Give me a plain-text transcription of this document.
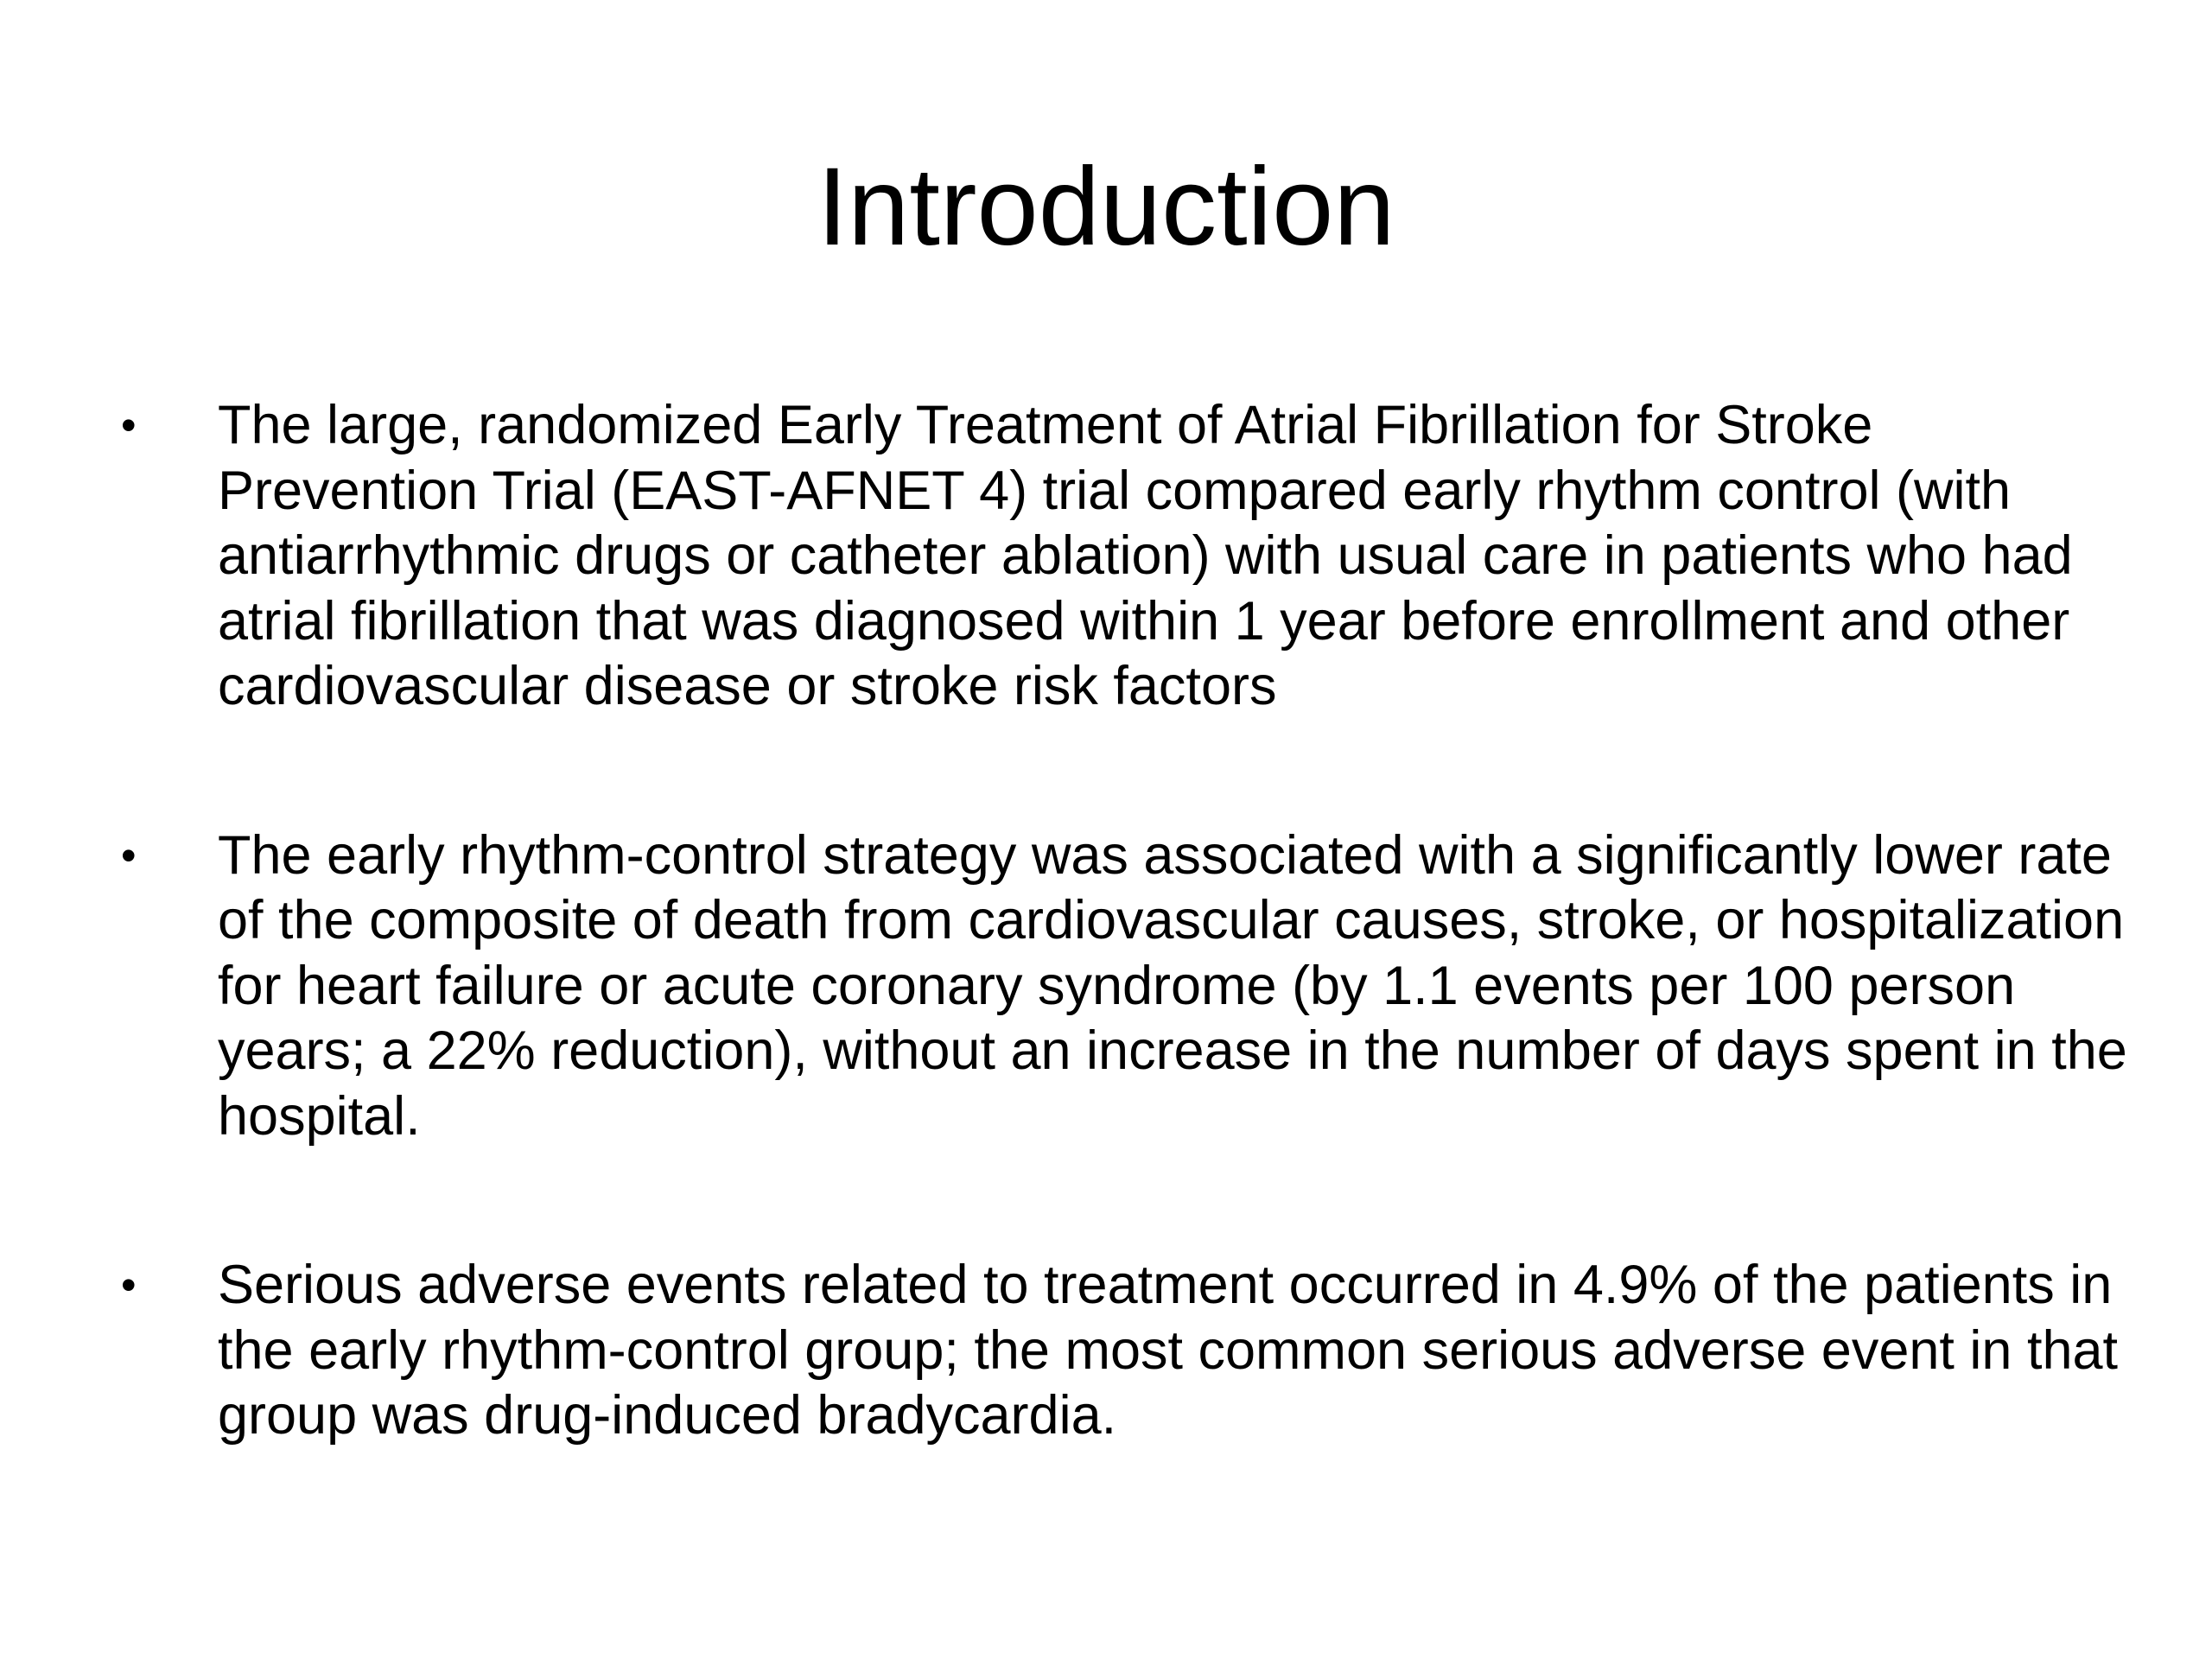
Introduction
•	The large, randomized Early Treatment of Atrial Fibrillation for Stroke Prevention Trial (EAST-AFNET 4) trial compared early rhythm control (with antiarrhythmic drugs or catheter ablation) with usual care in patients who had atrial fibrillation that was diagnosed within 1 year before enrollment and other cardiovascular disease or stroke risk factors
•	The early rhythm-control strategy was associated with a significantly lower rate of the composite of death from cardiovascular causes, stroke, or hospitalization for heart failure or acute coronary syndrome (by 1.1 events per 100 person years; a 22% reduction), without an increase in the number of days spent in the hospital.
•	Serious adverse events related to treatment occurred in 4.9% of the patients in the early rhythm-control group; the most common serious adverse event in that group was drug-induced bradycardia.
